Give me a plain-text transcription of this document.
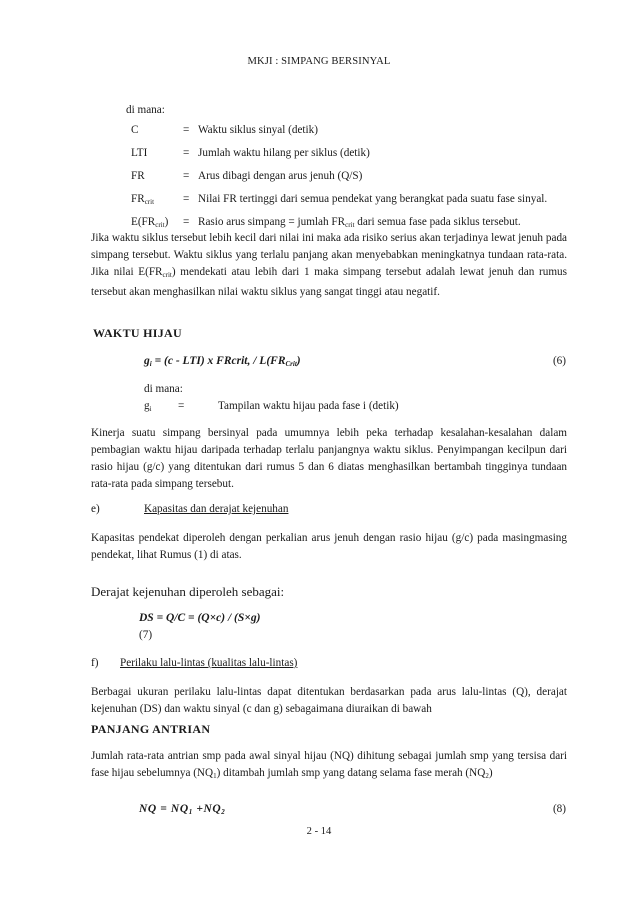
MKJI : SIMPANG BERSINYAL
di mana:
C	= Waktu siklus sinyal (detik)
LTI	= Jumlah waktu hilang per siklus (detik)
FR	= Arus dibagi dengan arus jenuh (Q/S)
$FR_{crit}$	= Nilai FR tertinggi dari semua pendekat yang berangkat pada suatu fase sinyal.
$E(FR_{crit})$ = Rasio arus simpang = jumlah $FR_{crit}$ dari semua fase pada siklus tersebut.
Jika waktu siklus tersebut lebih kecil dari nilai ini maka ada risiko serius akan terjadinya lewat jenuh pada simpang tersebut. Waktu siklus yang terlalu panjang akan menyebabkan meningkatnya tundaan rata-rata. Jika nilai $E(FR_{crit})$ mendekati atau lebih dari 1 maka simpang tersebut adalah lewat jenuh dan rumus tersebut akan menghasilkan nilai waktu siklus yang sangat tinggi atau negatif.
WAKTU HIJAU
$g_i = (c - LTI)$ x FRcrit, / $L(FR_{Crit})$	(6)
di mana:
$g_i$ =	Tampilan waktu hijau pada fase i (detik)
Kinerja suatu simpang bersinyal pada umumnya lebih peka terhadap kesalahan-kesalahan dalam pembagian waktu hijau daripada terhadap terlalu panjangnya waktu siklus. Penyimpangan kecilpun dari rasio hijau (g/c) yang ditentukan dari rumus 5 dan 6 diatas menghasilkan bertambah tingginya tundaan rata-rata pada simpang tersebut.
e)	Kapasitas dan derajat kejenuhan
Kapasitas pendekat diperoleh dengan perkalian arus jenuh dengan rasio hijau (g/c) pada masingmasing pendekat, lihat Rumus (1) di atas.
Derajat kejenuhan diperoleh sebagai:
DS = Q/C = (Q×c) / (S×g)
(7)
f) Perilaku lalu-lintas (kualitas lalu-lintas)
Berbagai ukuran perilaku lalu-lintas dapat ditentukan berdasarkan pada arus lalu-lintas (Q), derajat kejenuhan (DS) dan waktu sinyal (c dan g) sebagaimana diuraikan di bawah
PANJANG ANTRIAN
Jumlah rata-rata antrian smp pada awal sinyal hijau (NQ) dihitung sebagai jumlah smp yang tersisa dari fase hijau sebelumnya $(NQ_1)$ ditambah jumlah smp yang datang selama fase merah $(NQ_2)$
NQ = $NQ_1 +NQ_2$	(8)
2 - 14
